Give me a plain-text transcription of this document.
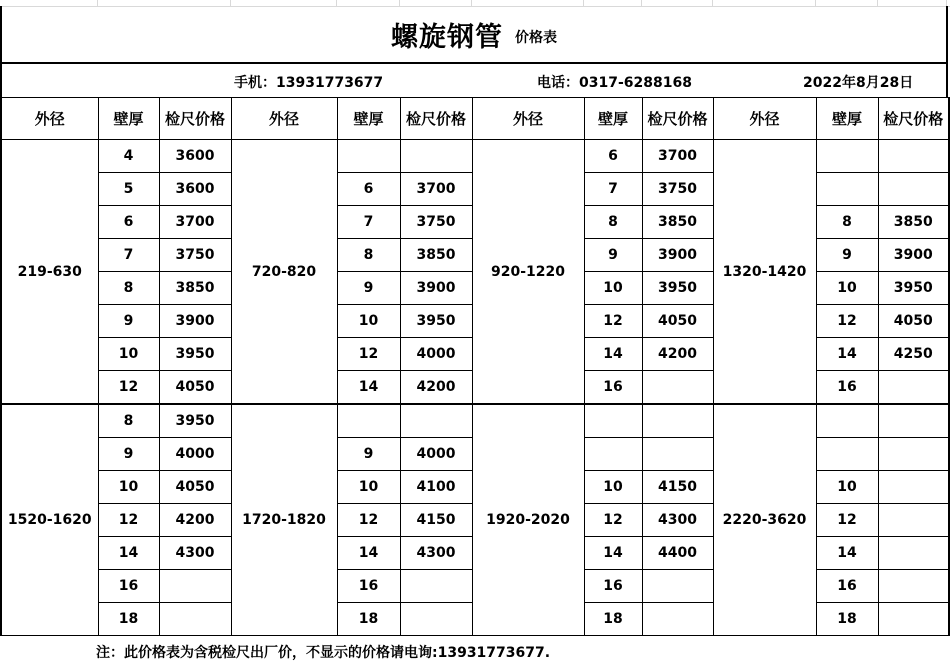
螺旋钢管 价格表
手机：13931773677	电话：0317-6288168	2022年8月28日
外径	壁厚	检尺价格	外径	壁厚	检尺价格	外径	壁厚	检尺价格	外径	壁厚	检尺价格
219-630	4	3600	720-820			920-1220	6	3700	1320-1420		
	5	3600		6	3700		7	3750			
	6	3700		7	3750		8	3850		8	3850
	7	3750		8	3850		9	3900		9	3900
	8	3850		9	3900		10	3950		10	3950
	9	3900		10	3950		12	4050		12	4050
	10	3950		12	4000		14	4200		14	4250
	12	4050		14	4200		16			16	
1520-1620	8	3950	1720-1820			1920-2020			2220-3620		
	9	4000		9	4000						
	10	4050		10	4100		10	4150		10	
	12	4200		12	4150		12	4300		12	
	14	4300		14	4300		14	4400		14	
	16			16			16			16	
	18			18			18			18	
注：此价格表为含税检尺出厂价，不显示的价格请电询:13931773677.
